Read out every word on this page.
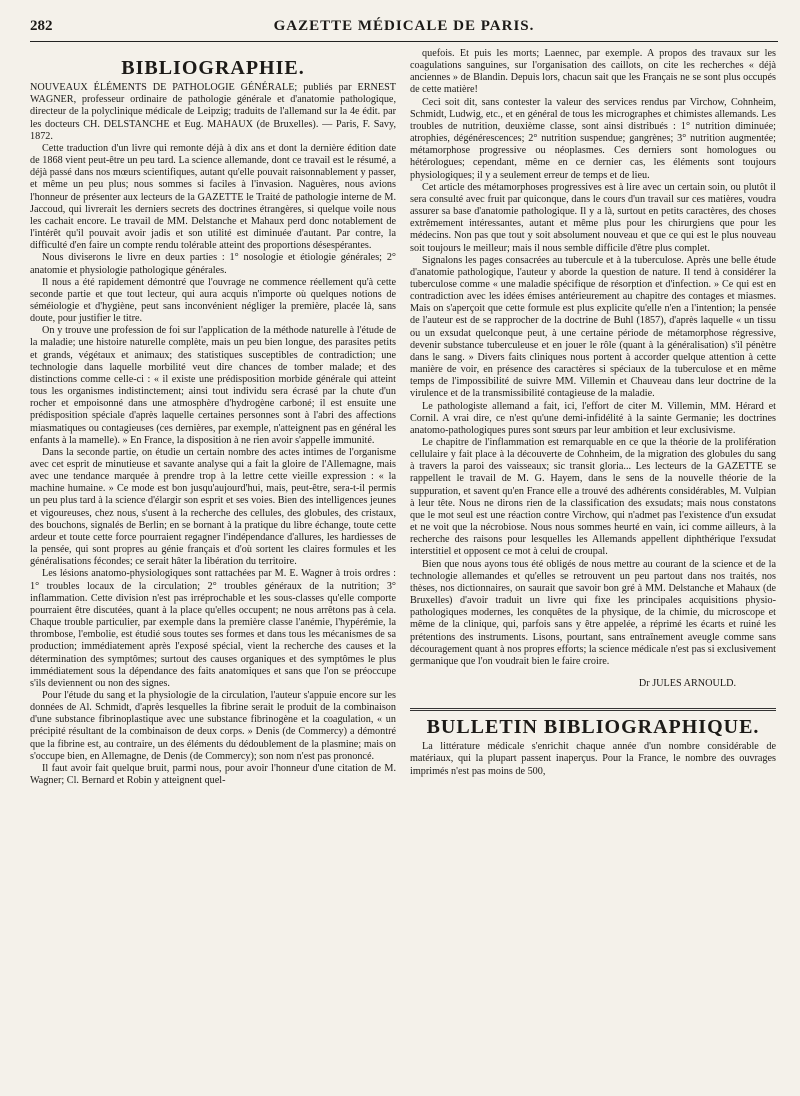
282	GAZETTE MÉDICALE DE PARIS.
BIBLIOGRAPHIE.

NOUVEAUX ÉLÉMENTS DE PATHOLOGIE GÉNÉRALE; publiés par ERNEST WAGNER, professeur ordinaire de pathologie générale et d'anatomie pathologique, directeur de la polyclinique médicale de Leipzig; traduits de l'allemand sur la 4e édit. par les docteurs CH. DELSTANCHE et Eug. MAHAUX (de Bruxelles). — Paris, F. Savy, 1872.

Cette traduction d'un livre qui remonte déjà à dix ans et dont la dernière édition date de 1868 vient peut-être un peu tard. La science allemande, dont ce travail est le résumé, a déjà passé dans nos mœurs scientifiques, autant qu'elle pouvait raisonnablement y passer, et même un peu plus; nous sommes si faciles à l'invasion. Naguères, nous avions l'honneur de présenter aux lecteurs de la GAZETTE le Traité de pathologie interne de M. Jaccoud, qui livrerait les derniers secrets des doctrines étrangères, si quelque voile nous les cachait encore. Le travail de MM. Delstanche et Mahaux perd donc notablement de l'intérêt qu'il pouvait avoir jadis et son utilité est diminuée d'autant. Par contre, la difficulté d'en faire un compte rendu tolérable atteint des proportions désespérantes.

Nous diviserons le livre en deux parties : 1° nosologie et étiologie générales; 2° anatomie et physiologie pathologique générales.

Il nous a été rapidement démontré que l'ouvrage ne commence réellement qu'à cette seconde partie et que tout lecteur, qui aura acquis n'importe où quelques notions de séméiologie et d'hygiène, peut sans inconvénient négliger la première, placée là, sans doute, pour justifier le titre.

On y trouve une profession de foi sur l'application de la méthode naturelle à l'étude de la maladie; une histoire naturelle complète, mais un peu bien longue, des parasites petits et grands, végétaux et animaux; des statistiques susceptibles de contradiction; une technologie dans laquelle morbilité veut dire chances de tomber malade; et des distinctions comme celle-ci : « il existe une prédisposition morbide générale qui atteint tous les organismes indistinctement; ainsi tout individu sera écrasé par la chute d'un rocher et empoisonné dans une atmosphère d'hydrogène carboné; il est ensuite une prédisposition spéciale d'après laquelle certaines personnes sont à l'abri des affections miasmatiques ou contagieuses (ces dernières, par exemple, n'atteignent pas en général les enfants à la mamelle). » En France, la disposition à ne rien avoir s'appelle immunité.

Dans la seconde partie, on étudie un certain nombre des actes intimes de l'organisme avec cet esprit de minutieuse et savante analyse qui a fait la gloire de l'Allemagne, mais avec une tendance marquée à prendre trop à la lettre cette vieille expression : « la machine humaine. » Ce mode est bon jusqu'aujourd'hui, mais, peut-être, sera-t-il permis un peu plus tard à la science d'élargir son esprit et ses voies. Bien des intelligences jeunes et vigoureuses, chez nous, s'usent à la recherche des cellules, des globules, des cristaux, des bouchons, signalés de Berlin; en se bornant à la pratique du libre échange, toute cette ardeur et toute cette force pourraient regagner l'indépendance d'allures, les hardiesses de la pensée, qui sont propres au génie français et d'où sortent les claires formules et les généralisations fécondes; ce serait hâter la libération du territoire.

Les lésions anatomo-physiologiques sont rattachées par M. E. Wagner à trois ordres : 1° troubles locaux de la circulation; 2° troubles généraux de la nutrition; 3° inflammation. Cette division n'est pas irréprochable et les sous-classes qu'elle comporte pourraient être discutées, quant à la place qu'elles occupent; ne nous arrêtons pas à cela. Chaque trouble particulier, par exemple dans la première classe l'anémie, l'hypérémie, la thrombose, l'embolie, est étudié sous toutes ses formes et dans tous les mécanismes de sa production; immédiatement après l'exposé spécial, vient la recherche des causes et la détermination des symptômes; surtout des causes organiques et des symptômes le plus immédiatement sous la dépendance des faits anatomiques et sans que l'on se préoccupe s'ils deviennent ou non des signes.

Pour l'étude du sang et la physiologie de la circulation, l'auteur s'appuie encore sur les données de Al. Schmidt, d'après lesquelles la fibrine serait le produit de la combinaison d'une substance fibrinoplastique avec une substance fibrinogène et la coagulation, « un précipité résultant de la combinaison de deux corps. » Denis (de Commercy) a démontré que la fibrine est, au contraire, un des éléments du dédoublement de la plasmine; mais on s'occupe bien, en Allemagne, de Denis (de Commercy); son nom n'est pas prononcé.

Il faut avoir fait quelque bruit, parmi nous, pour avoir l'honneur d'une citation de M. Wagner; Cl. Bernard et Robin y atteignent quel-

quefois. Et puis les morts; Laennec, par exemple. A propos des travaux sur les coagulations sanguines, sur l'organisation des caillots, on cite les recherches « déjà anciennes » de Blandin. Depuis lors, chacun sait que les Français ne se sont plus occupés de cette matière!

Ceci soit dit, sans contester la valeur des services rendus par Virchow, Cohnheim, Schmidt, Ludwig, etc., et en général de tous les micrographes et chimistes allemands. Les troubles de nutrition, deuxième classe, sont ainsi distribués : 1° nutrition diminuée; atrophies, dégénérescences; 2° nutrition suspendue; gangrènes; 3° nutrition augmentée; métamorphose progressive ou néoplasmes. Ces derniers sont homologues ou hétérologues; cependant, même en ce dernier cas, les éléments sont toujours physiologiques; il y a seulement erreur de temps et de lieu.

Cet article des métamorphoses progressives est à lire avec un certain soin, ou plutôt il sera consulté avec fruit par quiconque, dans le cours d'un travail sur ces matières, voudra assurer sa base d'anatomie pathologique. Il y a là, surtout en petits caractères, des choses extrêmement intéressantes, autant et même plus pour les chirurgiens que pour les médecins. Non pas que tout y soit absolument nouveau et que ce qui est le plus nouveau soit toujours le meilleur; mais il nous semble difficile d'être plus complet.

Signalons les pages consacrées au tubercule et à la tuberculose. Après une belle étude d'anatomie pathologique, l'auteur y aborde la question de nature. Il tend à considérer la tuberculose comme « une maladie spécifique de résorption et d'infection. » Ce qui est en contradiction avec les idées émises antérieurement au chapitre des contages et miasmes. Mais on s'aperçoit que cette formule est plus explicite qu'elle n'en a l'intention; la pensée de l'auteur est de se rapprocher de la doctrine de Buhl (1857), d'après laquelle « un tissu ou un exsudat quelconque peut, à une certaine période de métamorphose régressive, devenir substance tuberculeuse et en jouer le rôle (quant à la généralisation) s'il pénètre dans le sang. » Divers faits cliniques nous portent à accorder quelque attention à cette manière de voir, en présence des caractères si spéciaux de la tuberculose et en même temps de l'impossibilité de suivre MM. Villemin et Chauveau dans leur doctrine de la virulence et de la transmissibilité contagieuse de la maladie.

Le pathologiste allemand a fait, ici, l'effort de citer M. Villemin, MM. Hérard et Cornil. A vrai dire, ce n'est qu'une demi-infidélité à la sainte Germanie; les doctrines anatomo-pathologiques pures sont sœurs par leur ambition et leur exclusivisme.

Le chapitre de l'inflammation est remarquable en ce que la théorie de la prolifération cellulaire y fait place à la découverte de Cohnheim, de la migration des globules du sang à travers la paroi des vaisseaux; sic transit gloria... Les lecteurs de la GAZETTE se rappellent le travail de M. G. Hayem, dans le sens de la nouvelle théorie de la suppuration, et savent qu'en France elle a trouvé des adhérents considérables, M. Vulpian à leur tête. Nous ne dirons rien de la classification des exsudats; mais nous constatons que le mot seul est une réaction contre Virchow, qui n'admet pas l'existence d'un exsudat et ne voit que la nécrobiose. Nous nous sommes heurté en vain, ici comme ailleurs, à la recherche des raisons pour lesquelles les Allemands appellent diphthérique l'exsudat interstitiel et opposent ce mot à celui de croupal.

Bien que nous ayons tous été obligés de nous mettre au courant de la science et de la technologie allemandes et qu'elles se retrouvent un peu partout dans nos traités, nos thèses, nos dictionnaires, on saurait que savoir bon gré à MM. Delstanche et Mahaux (de Bruxelles) d'avoir traduit un livre qui fixe les principales acquisitions physio-pathologiques modernes, les conquêtes de la physique, de la chimie, du microscope et même de la clinique, qui, parfois sans y être appelée, a réprimé les écarts et ruiné les prétentions des instruments. Lisons, pourtant, sans entraînement aveugle comme sans découragement quant à nos propres efforts; la science médicale n'est pas si exclusivement germanique que l'on voudrait bien le faire croire.

Dr JULES ARNOULD.

BULLETIN BIBLIOGRAPHIQUE.

La littérature médicale s'enrichit chaque année d'un nombre considérable de matériaux, qui la plupart passent inaperçus. Pour la France, le nombre des ouvrages imprimés n'est pas moins de 500,
